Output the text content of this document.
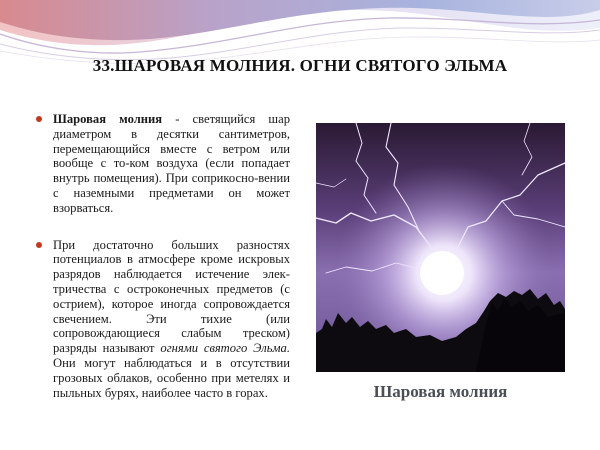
33.ШАРОВАЯ МОЛНИЯ. ОГНИ СВЯТОГО ЭЛЬМА
Шаровая молния - светящийся шар диаметром в десятки сантиметров, перемещающийся вместе с ветром или вообще с то-ком воздуха (если попадает внутрь помещения). При соприкосно-вении с наземными предметами он может взорваться.
При достаточно больших разностях потенциалов в атмосфере кроме искровых разрядов наблюдается истечение элек-тричества с остроконечных предметов (с острием), которое иногда сопровождается свечением. Эти тихие (или сопровождающиеся слабым треском) разряды называют огнями святого Эльма. Они могут наблюдаться и в отсутствии грозовых облаков, особенно при метелях и пыльных бурях, наиболее часто в горах.	Шаровая молния
